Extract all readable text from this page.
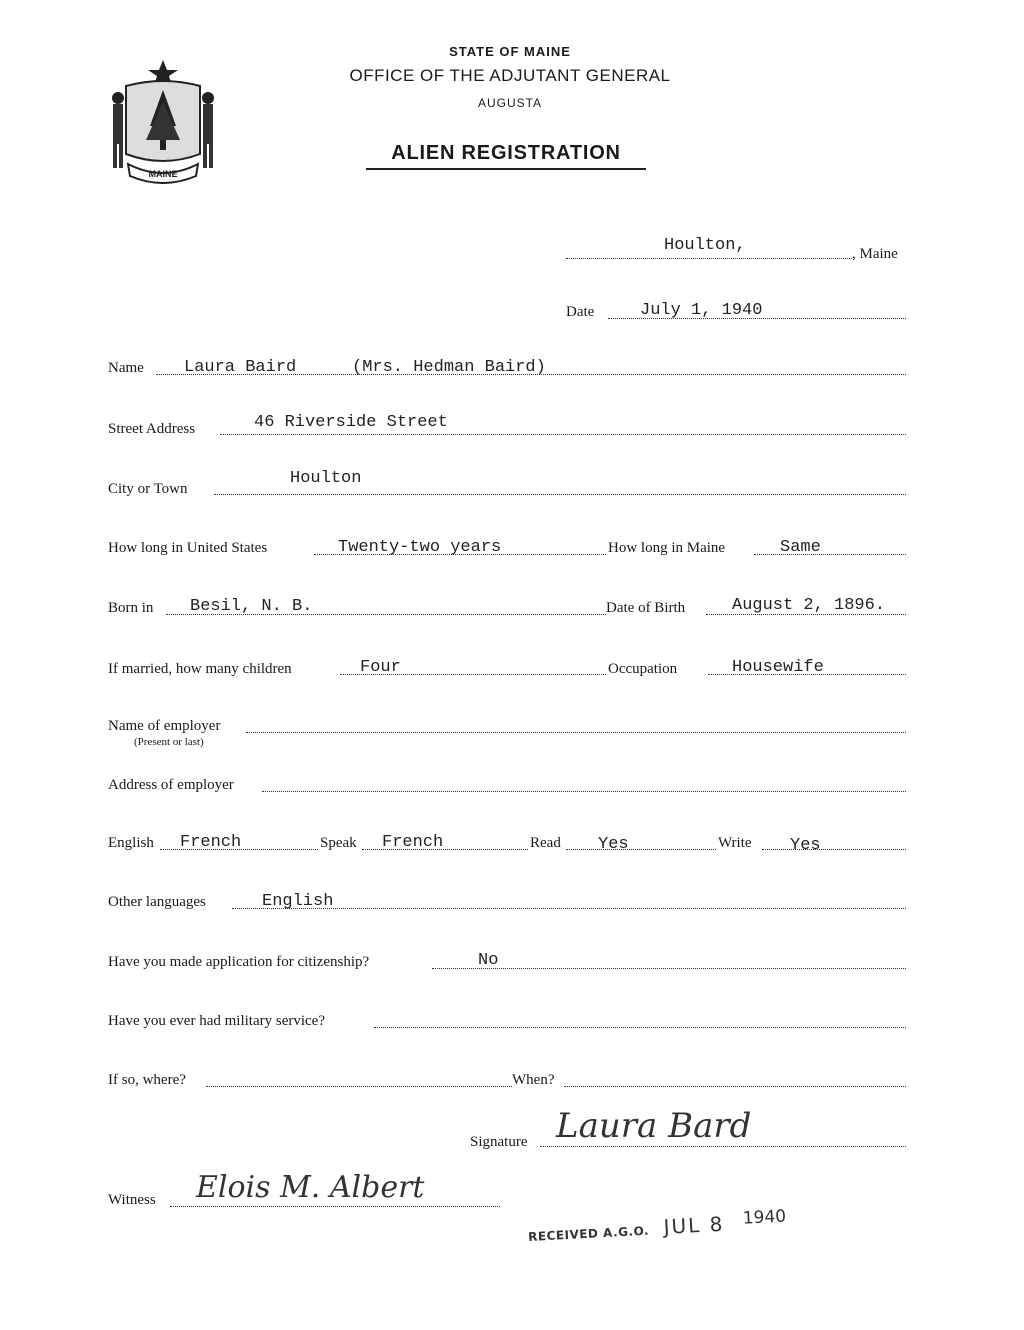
MAINE
STATE OF MAINE
OFFICE OF THE ADJUTANT GENERAL
AUGUSTA
ALIEN REGISTRATION
Houlton,	, Maine
Date	July 1, 1940
Name Laura Baird	(Mrs. Hedman Baird)
Street Address	46 Riverside Street
City or Town
Houlton
How long in United States	Twenty-two years	How long in Maine	Same
Born in Besil, N. B.	Date of Birth	August 2, 1896.
If married, how many children	Four	Occupation	Housewife
Name of employer
(Present or last)
Address of employer
English French	Speak French	Read Yes	Write Yes
Other languages	English
Have you made application for citizenship?	No
Have you ever had military service?
If so, where?	When?
Signature Laura Bard
Witness Elois M. Albert
RECEIVED A.G.O. JUL 8 1940
